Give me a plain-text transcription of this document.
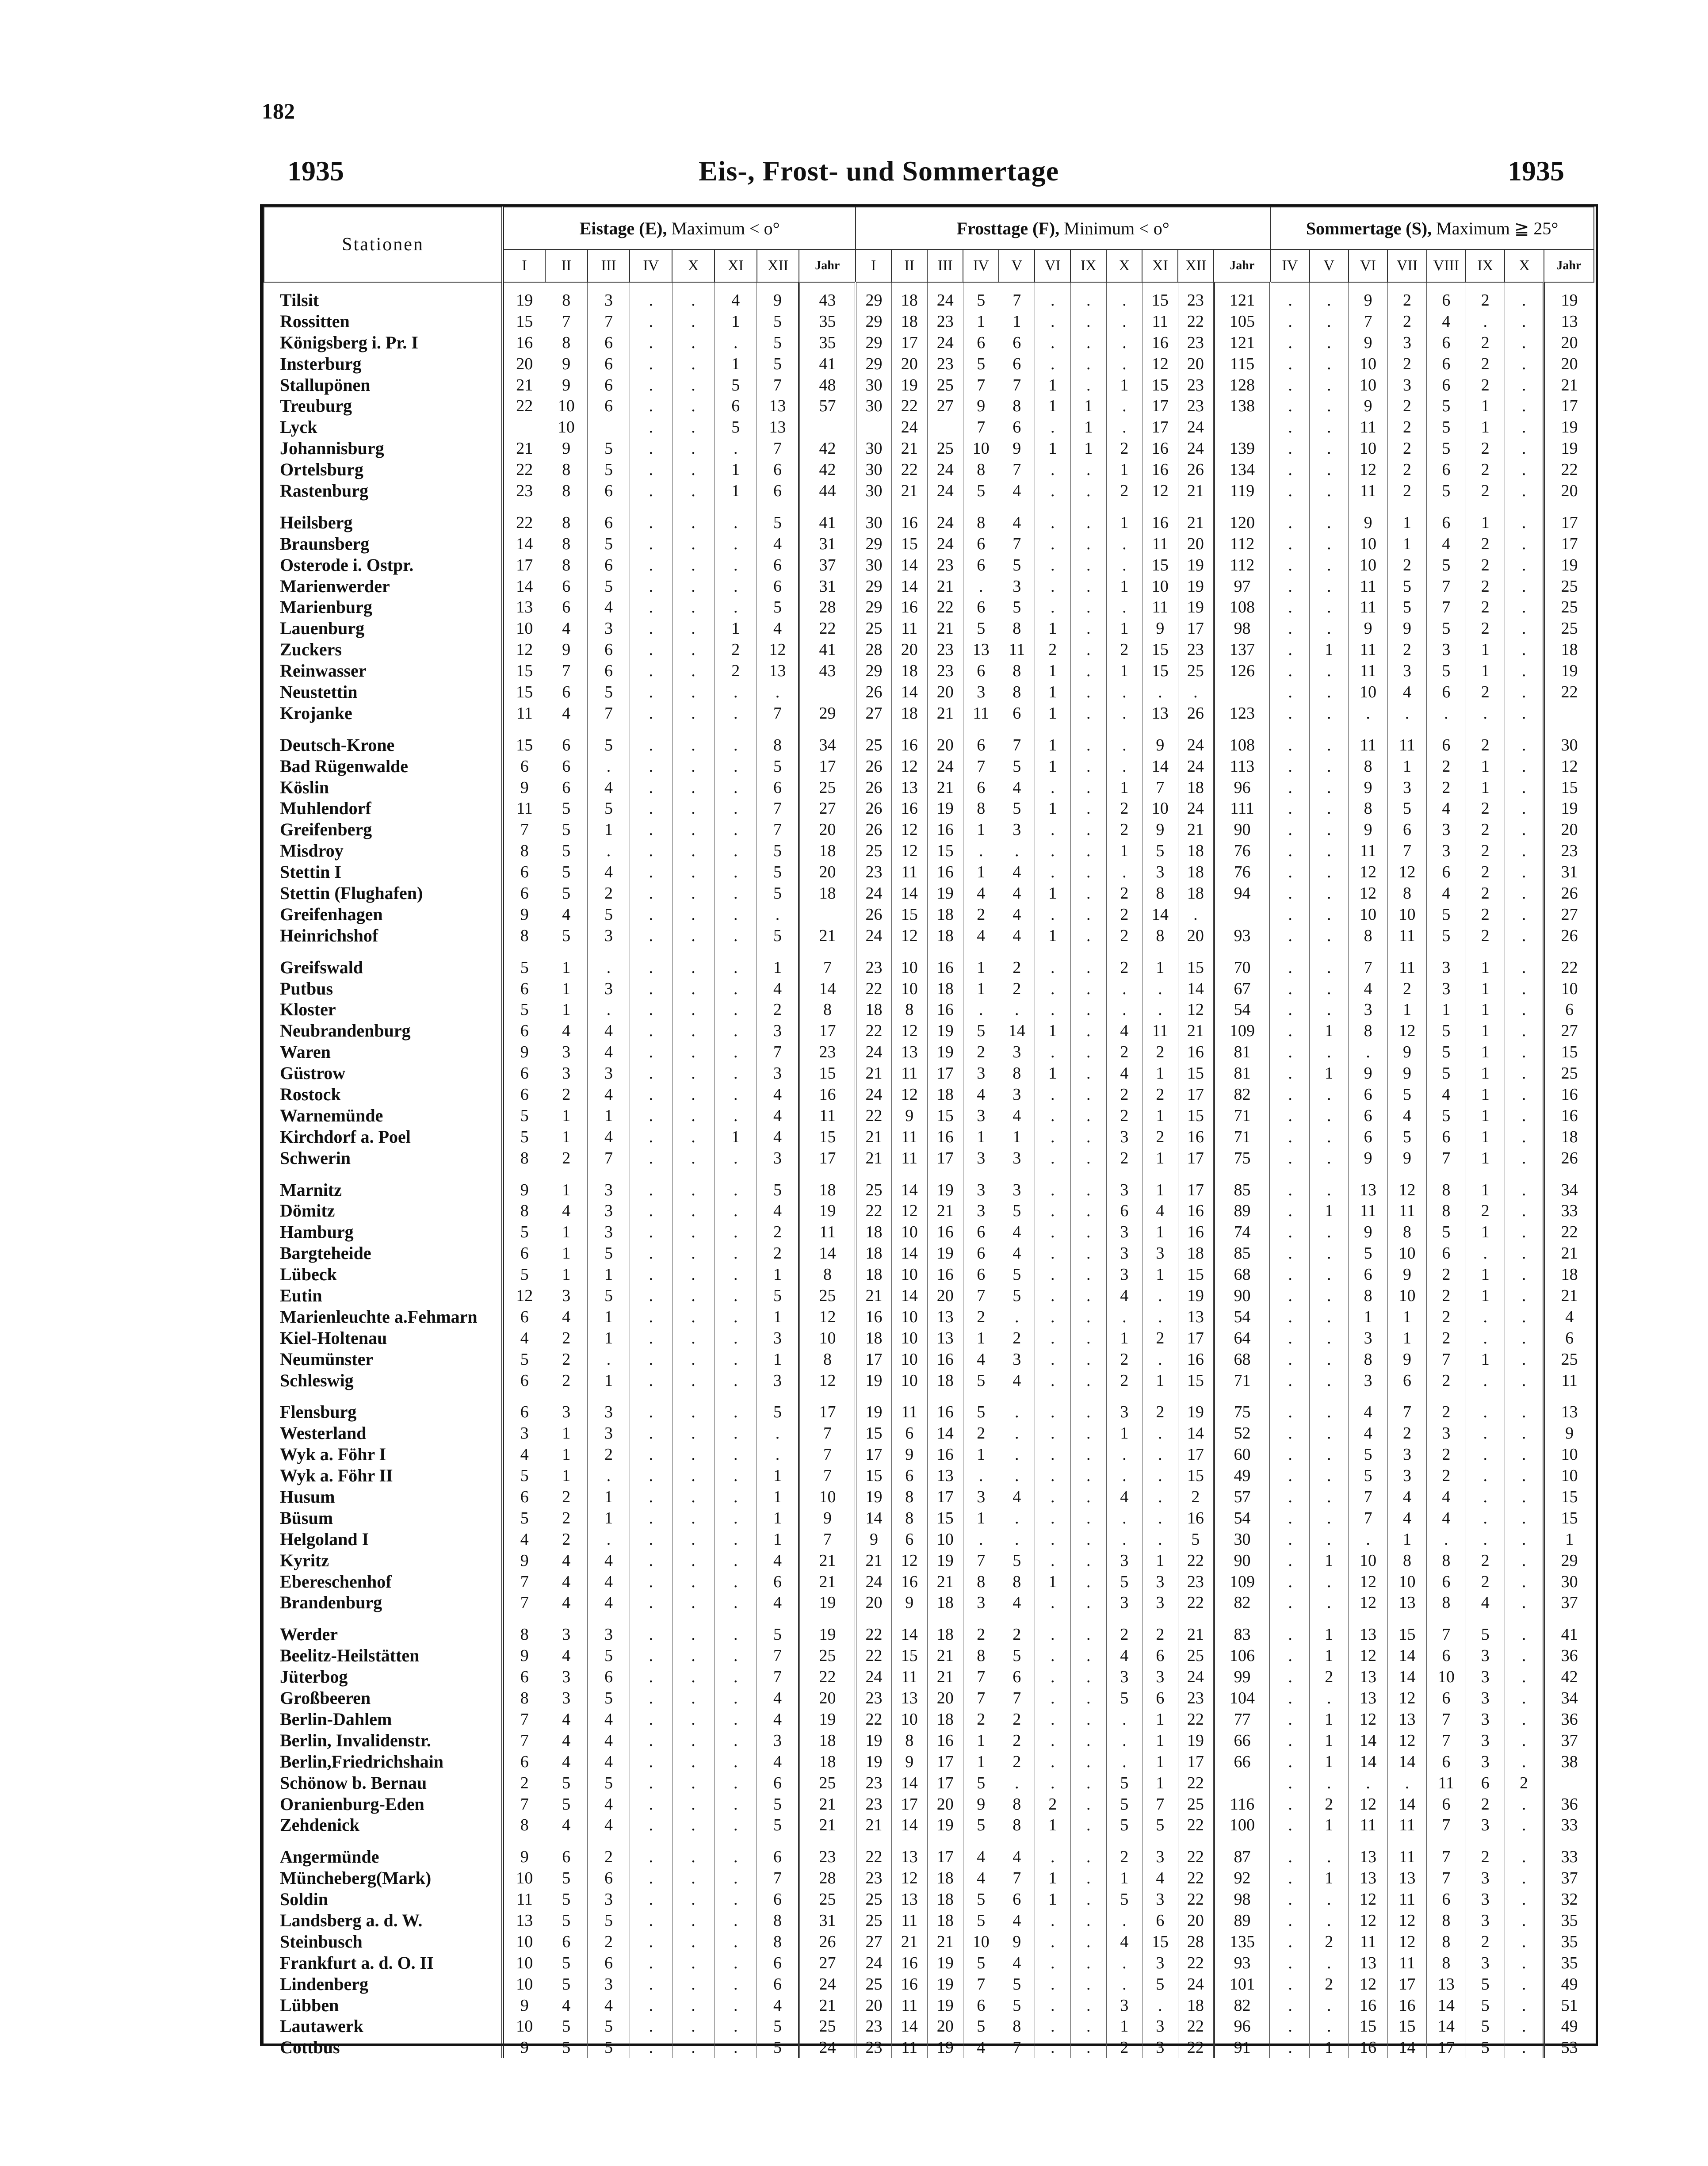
182
1935	Eis-, Frost- und Sommertage	1935
Stationen	Eistage (E), Maximum < o°								Frosttage (F), Minimum < o°											Sommertage (S), Maximum ≧ 25°							
	I	II	III	IV	X	XI	XII	Jahr	I	II	III	IV	V	VI	IX	X	XI	XII	Jahr	IV	V	VI	VII	VIII	IX	X	Jahr
Tilsit	19	8	3	.	.	4	9	43	29	18	24	5	7	.	.	.	15	23	121	.	.	9	2	6	2	.	19
Rossitten	15	7	7	.	.	1	5	35	29	18	23	1	1	.	.	.	11	22	105	.	.	7	2	4	.	.	13
Königsberg i. Pr. I	16	8	6	.	.	.	5	35	29	17	24	6	6	.	.	.	16	23	121	.	.	9	3	6	2	.	20
Insterburg	20	9	6	.	.	1	5	41	29	20	23	5	6	.	.	.	12	20	115	.	.	10	2	6	2	.	20
Stallupönen	21	9	6	.	.	5	7	48	30	19	25	7	7	1	.	1	15	23	128	.	.	10	3	6	2	.	21
Treuburg	22	10	6	.	.	6	13	57	30	22	27	9	8	1	1	.	17	23	138	.	.	9	2	5	1	.	17
Lyck		10		.	.	5	13			24		7	6	.	1	.	17	24		.	.	11	2	5	1	.	19
Johannisburg	21	9	5	.	.	.	7	42	30	21	25	10	9	1	1	2	16	24	139	.	.	10	2	5	2	.	19
Ortelsburg	22	8	5	.	.	1	6	42	30	22	24	8	7	.	.	1	16	26	134	.	.	12	2	6	2	.	22
Rastenburg	23	8	6	.	.	1	6	44	30	21	24	5	4	.	.	2	12	21	119	.	.	11	2	5	2	.	20

Heilsberg	22	8	6	.	.	.	5	41	30	16	24	8	4	.	.	1	16	21	120	.	.	9	1	6	1	.	17
Braunsberg	14	8	5	.	.	.	4	31	29	15	24	6	7	.	.	.	11	20	112	.	.	10	1	4	2	.	17
Osterode i. Ostpr.	17	8	6	.	.	.	6	37	30	14	23	6	5	.	.	.	15	19	112	.	.	10	2	5	2	.	19
Marienwerder	14	6	5	.	.	.	6	31	29	14	21	.	3	.	.	1	10	19	97	.	.	11	5	7	2	.	25
Marienburg	13	6	4	.	.	.	5	28	29	16	22	6	5	.	.	.	11	19	108	.	.	11	5	7	2	.	25
Lauenburg	10	4	3	.	.	1	4	22	25	11	21	5	8	1	.	1	9	17	98	.	.	9	9	5	2	.	25
Zuckers	12	9	6	.	.	2	12	41	28	20	23	13	11	2	.	2	15	23	137	.	1	11	2	3	1	.	18
Reinwasser	15	7	6	.	.	2	13	43	29	18	23	6	8	1	.	1	15	25	126	.	.	11	3	5	1	.	19
Neustettin	15	6	5	.	.	.	.		26	14	20	3	8	1	.	.	.	.		.	.	10	4	6	2	.	22
Krojanke	11	4	7	.	.	.	7	29	27	18	21	11	6	1	.	.	13	26	123	.	.	.	.	.	.	.	

Deutsch-Krone	15	6	5	.	.	.	8	34	25	16	20	6	7	1	.	.	9	24	108	.	.	11	11	6	2	.	30
Bad Rügenwalde	6	6	.	.	.	.	5	17	26	12	24	7	5	1	.	.	14	24	113	.	.	8	1	2	1	.	12
Köslin	9	6	4	.	.	.	6	25	26	13	21	6	4	.	.	1	7	18	96	.	.	9	3	2	1	.	15
Muhlendorf	11	5	5	.	.	.	7	27	26	16	19	8	5	1	.	2	10	24	111	.	.	8	5	4	2	.	19
Greifenberg	7	5	1	.	.	.	7	20	26	12	16	1	3	.	.	2	9	21	90	.	.	9	6	3	2	.	20
Misdroy	8	5	.	.	.	.	5	18	25	12	15	.	.	.	.	1	5	18	76	.	.	11	7	3	2	.	23
Stettin I	6	5	4	.	.	.	5	20	23	11	16	1	4	.	.	.	3	18	76	.	.	12	12	6	2	.	31
Stettin (Flughafen)	6	5	2	.	.	.	5	18	24	14	19	4	4	1	.	2	8	18	94	.	.	12	8	4	2	.	26
Greifenhagen	9	4	5	.	.	.	.		26	15	18	2	4	.	.	2	14	.		.	.	10	10	5	2	.	27
Heinrichshof	8	5	3	.	.	.	5	21	24	12	18	4	4	1	.	2	8	20	93	.	.	8	11	5	2	.	26

Greifswald	5	1	.	.	.	.	1	7	23	10	16	1	2	.	.	2	1	15	70	.	.	7	11	3	1	.	22
Putbus	6	1	3	.	.	.	4	14	22	10	18	1	2	.	.	.	.	14	67	.	.	4	2	3	1	.	10
Kloster	5	1	.	.	.	.	2	8	18	8	16	.	.	.	.	.	.	12	54	.	.	3	1	1	1	.	6
Neubrandenburg	6	4	4	.	.	.	3	17	22	12	19	5	14	1	.	4	11	21	109	.	1	8	12	5	1	.	27
Waren	9	3	4	.	.	.	7	23	24	13	19	2	3	.	.	2	2	16	81	.	.	.	9	5	1	.	15
Güstrow	6	3	3	.	.	.	3	15	21	11	17	3	8	1	.	4	1	15	81	.	1	9	9	5	1	.	25
Rostock	6	2	4	.	.	.	4	16	24	12	18	4	3	.	.	2	2	17	82	.	.	6	5	4	1	.	16
Warnemünde	5	1	1	.	.	.	4	11	22	9	15	3	4	.	.	2	1	15	71	.	.	6	4	5	1	.	16
Kirchdorf a. Poel	5	1	4	.	.	1	4	15	21	11	16	1	1	.	.	3	2	16	71	.	.	6	5	6	1	.	18
Schwerin	8	2	7	.	.	.	3	17	21	11	17	3	3	.	.	2	1	17	75	.	.	9	9	7	1	.	26

Marnitz	9	1	3	.	.	.	5	18	25	14	19	3	3	.	.	3	1	17	85	.	.	13	12	8	1	.	34
Dömitz	8	4	3	.	.	.	4	19	22	12	21	3	5	.	.	6	4	16	89	.	1	11	11	8	2	.	33
Hamburg	5	1	3	.	.	.	2	11	18	10	16	6	4	.	.	3	1	16	74	.	.	9	8	5	1	.	22
Bargteheide	6	1	5	.	.	.	2	14	18	14	19	6	4	.	.	3	3	18	85	.	.	5	10	6	.	.	21
Lübeck	5	1	1	.	.	.	1	8	18	10	16	6	5	.	.	3	1	15	68	.	.	6	9	2	1	.	18
Eutin	12	3	5	.	.	.	5	25	21	14	20	7	5	.	.	4	.	19	90	.	.	8	10	2	1	.	21
Marienleuchte a.Fehmarn	6	4	1	.	.	.	1	12	16	10	13	2	.	.	.	.	.	13	54	.	.	1	1	2	.	.	4
Kiel-Holtenau	4	2	1	.	.	.	3	10	18	10	13	1	2	.	.	1	2	17	64	.	.	3	1	2	.	.	6
Neumünster	5	2	.	.	.	.	1	8	17	10	16	4	3	.	.	2	.	16	68	.	.	8	9	7	1	.	25
Schleswig	6	2	1	.	.	.	3	12	19	10	18	5	4	.	.	2	1	15	71	.	.	3	6	2	.	.	11

Flensburg	6	3	3	.	.	.	5	17	19	11	16	5	.	.	.	3	2	19	75	.	.	4	7	2	.	.	13
Westerland	3	1	3	.	.	.	.	7	15	6	14	2	.	.	.	1	.	14	52	.	.	4	2	3	.	.	9
Wyk a. Föhr I	4	1	2	.	.	.	.	7	17	9	16	1	.	.	.	.	.	17	60	.	.	5	3	2	.	.	10
Wyk a. Föhr II	5	1	.	.	.	.	1	7	15	6	13	.	.	.	.	.	.	15	49	.	.	5	3	2	.	.	10
Husum	6	2	1	.	.	.	1	10	19	8	17	3	4	.	.	4	.	2	57	.	.	7	4	4	.	.	15
Büsum	5	2	1	.	.	.	1	9	14	8	15	1	.	.	.	.	.	16	54	.	.	7	4	4	.	.	15
Helgoland I	4	2	.	.	.	.	1	7	9	6	10	.	.	.	.	.	.	5	30	.	.	.	1	.	.	.	1
Kyritz	9	4	4	.	.	.	4	21	21	12	19	7	5	.	.	3	1	22	90	.	1	10	8	8	2	.	29
Ebereschenhof	7	4	4	.	.	.	6	21	24	16	21	8	8	1	.	5	3	23	109	.	.	12	10	6	2	.	30
Brandenburg	7	4	4	.	.	.	4	19	20	9	18	3	4	.	.	3	3	22	82	.	.	12	13	8	4	.	37

Werder	8	3	3	.	.	.	5	19	22	14	18	2	2	.	.	2	2	21	83	.	1	13	15	7	5	.	41
Beelitz-Heilstätten	9	4	5	.	.	.	7	25	22	15	21	8	5	.	.	4	6	25	106	.	1	12	14	6	3	.	36
Jüterbog	6	3	6	.	.	.	7	22	24	11	21	7	6	.	.	3	3	24	99	.	2	13	14	10	3	.	42
Großbeeren	8	3	5	.	.	.	4	20	23	13	20	7	7	.	.	5	6	23	104	.	.	13	12	6	3	.	34
Berlin-Dahlem	7	4	4	.	.	.	4	19	22	10	18	2	2	.	.	.	1	22	77	.	1	12	13	7	3	.	36
Berlin, Invalidenstr.	7	4	4	.	.	.	3	18	19	8	16	1	2	.	.	.	1	19	66	.	1	14	12	7	3	.	37
Berlin,Friedrichshain	6	4	4	.	.	.	4	18	19	9	17	1	2	.	.	.	1	17	66	.	1	14	14	6	3	.	38
Schönow b. Bernau	2	5	5	.	.	.	6	25	23	14	17	5	.	.	.	5	1	22		.	.	.	.	11	6	2	
Oranienburg-Eden	7	5	4	.	.	.	5	21	23	17	20	9	8	2	.	5	7	25	116	.	2	12	14	6	2	.	36
Zehdenick	8	4	4	.	.	.	5	21	21	14	19	5	8	1	.	5	5	22	100	.	1	11	11	7	3	.	33

Angermünde	9	6	2	.	.	.	6	23	22	13	17	4	4	.	.	2	3	22	87	.	.	13	11	7	2	.	33
Müncheberg(Mark)	10	5	6	.	.	.	7	28	23	12	18	4	7	1	.	1	4	22	92	.	1	13	13	7	3	.	37
Soldin	11	5	3	.	.	.	6	25	25	13	18	5	6	1	.	5	3	22	98	.	.	12	11	6	3	.	32
Landsberg a. d. W.	13	5	5	.	.	.	8	31	25	11	18	5	4	.	.	.	6	20	89	.	.	12	12	8	3	.	35
Steinbusch	10	6	2	.	.	.	8	26	27	21	21	10	9	.	.	4	15	28	135	.	2	11	12	8	2	.	35
Frankfurt a. d. O. II	10	5	6	.	.	.	6	27	24	16	19	5	4	.	.	.	3	22	93	.	.	13	11	8	3	.	35
Lindenberg	10	5	3	.	.	.	6	24	25	16	19	7	5	.	.	.	5	24	101	.	2	12	17	13	5	.	49
Lübben	9	4	4	.	.	.	4	21	20	11	19	6	5	.	.	3	.	18	82	.	.	16	16	14	5	.	51
Lautawerk	10	5	5	.	.	.	5	25	23	14	20	5	8	.	.	1	3	22	96	.	.	15	15	14	5	.	49
Cottbus	9	5	5	.	.	.	5	24	23	11	19	4	7	.	.	2	3	22	91	.	1	16	14	17	5	.	53
